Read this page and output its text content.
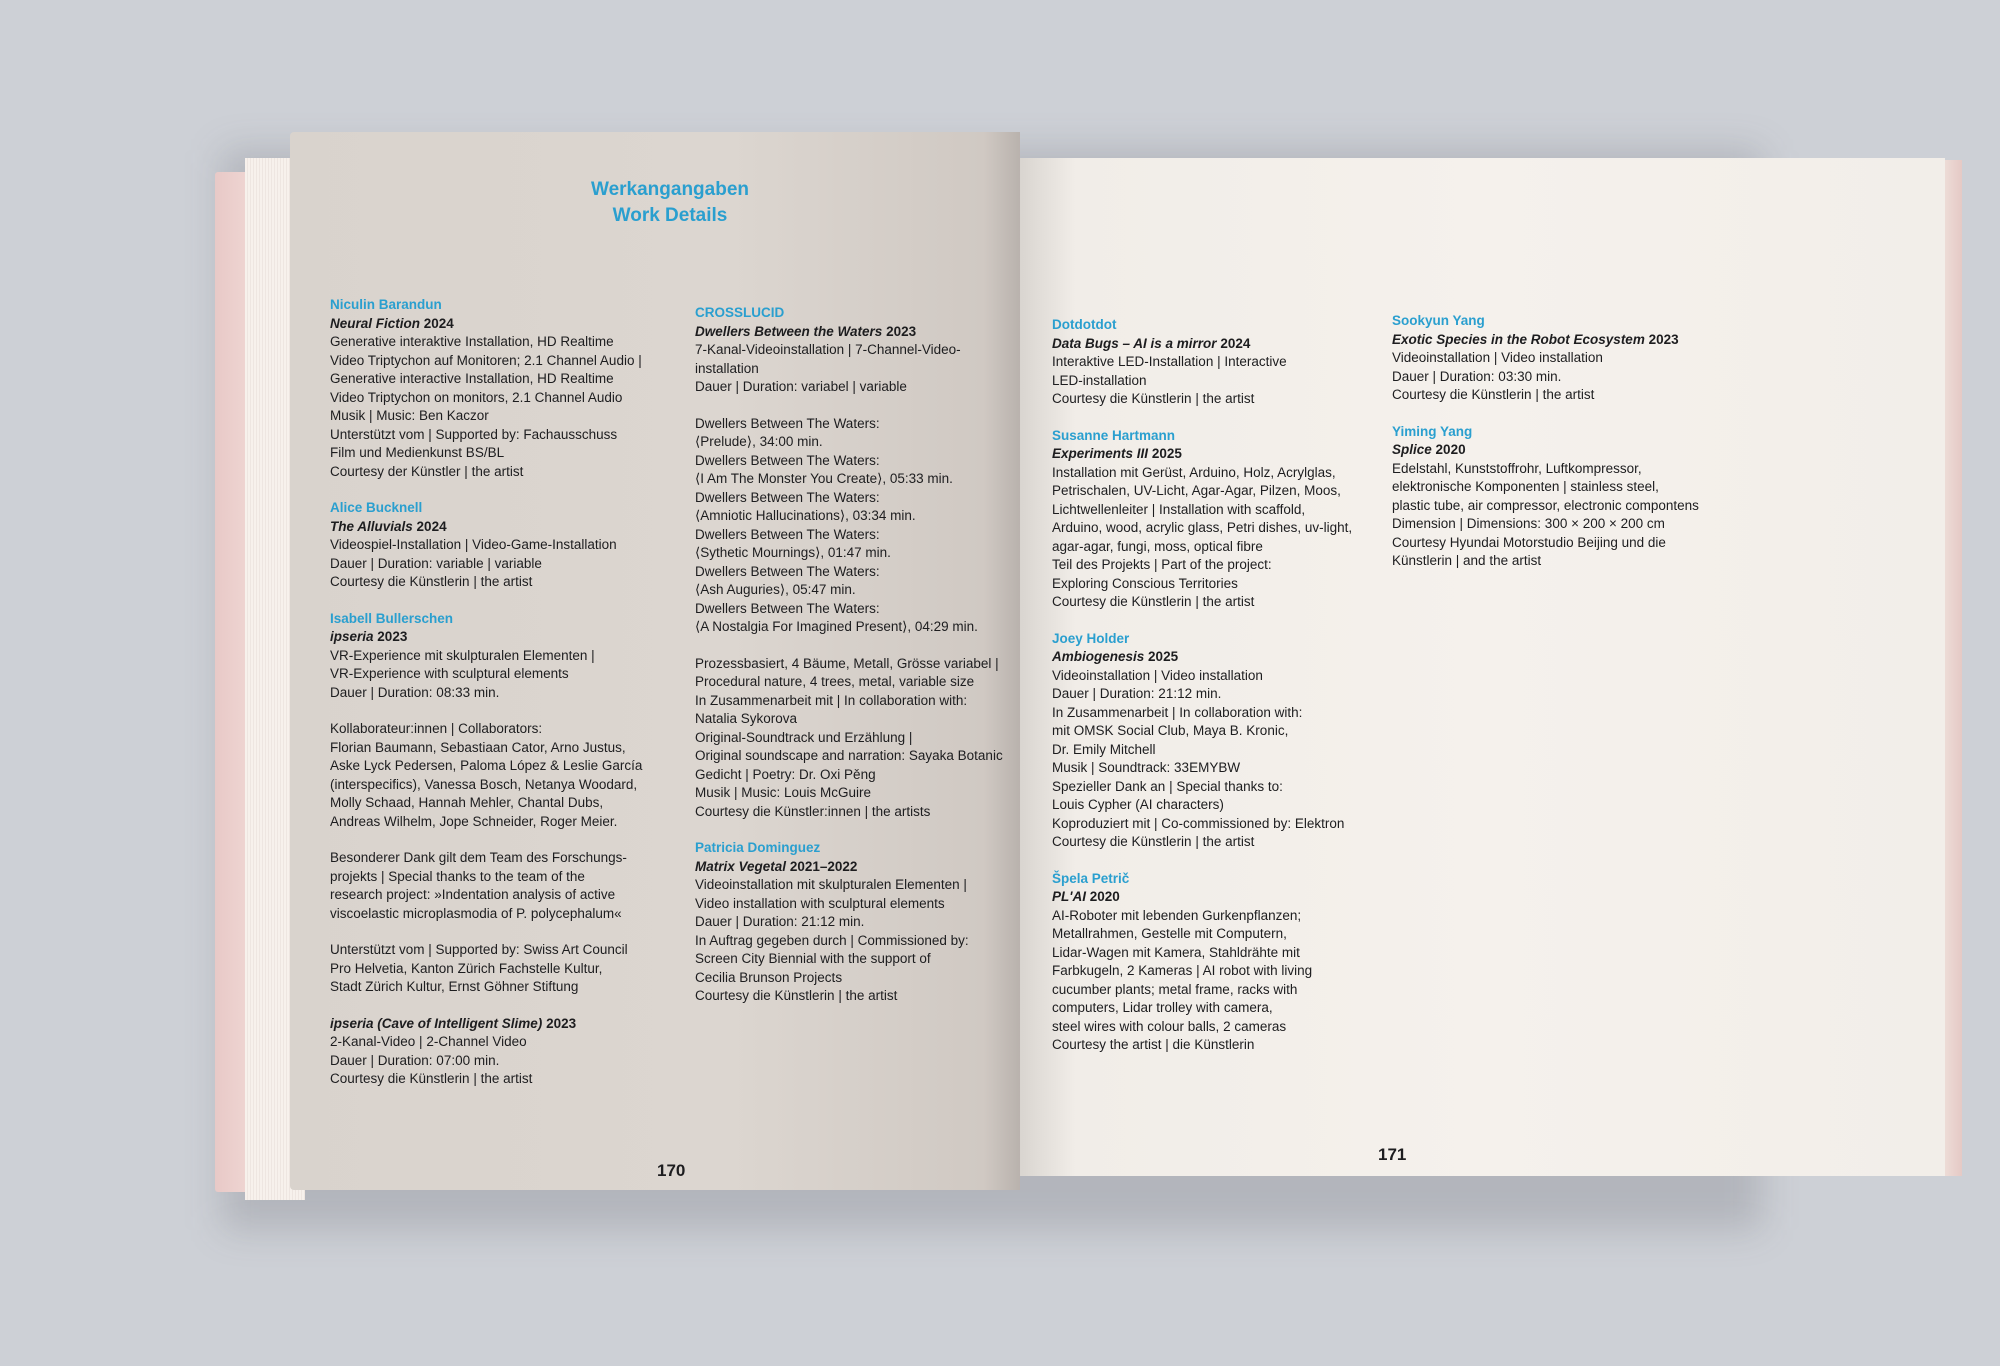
Werkangangaben
Work Details
Niculin Barandun
Neural Fiction 2024
Generative interaktive Installation, HD Realtime
Video Triptychon auf Monitoren; 2.1 Channel Audio |
Generative interactive Installation, HD Realtime
Video Triptychon on monitors, 2.1 Channel Audio
Musik | Music: Ben Kaczor
Unterstützt vom | Supported by: Fachausschuss
Film und Medienkunst BS/BL
Courtesy der Künstler | the artist
Alice Bucknell
The Alluvials 2024
Videospiel-Installation | Video-Game-Installation
Dauer | Duration: variable | variable
Courtesy die Künstlerin | the artist
Isabell Bullerschen
ipseria 2023
VR-Experience mit skulpturalen Elementen |
VR-Experience with sculptural elements
Dauer | Duration: 08:33 min.
Kollaborateur:innen | Collaborators:
Florian Baumann, Sebastiaan Cator, Arno Justus,
Aske Lyck Pedersen, Paloma López & Leslie García
(interspecifics), Vanessa Bosch, Netanya Woodard,
Molly Schaad, Hannah Mehler, Chantal Dubs,
Andreas Wilhelm, Jope Schneider, Roger Meier.
Besonderer Dank gilt dem Team des Forschungs-
projekts | Special thanks to the team of the
research project: »Indentation analysis of active
viscoelastic microplasmodia of P. polycephalum«
Unterstützt vom | Supported by: Swiss Art Council
Pro Helvetia, Kanton Zürich Fachstelle Kultur,
Stadt Zürich Kultur, Ernst Göhner Stiftung
ipseria (Cave of Intelligent Slime) 2023
2-Kanal-Video | 2-Channel Video
Dauer | Duration: 07:00 min.
Courtesy die Künstlerin | the artist
CROSSLUCID
Dwellers Between the Waters 2023
7-Kanal-Videoinstallation | 7-Channel-Video-
installation
Dauer | Duration: variabel | variable
Dwellers Between The Waters:
⟨Prelude⟩, 34:00 min.
Dwellers Between The Waters:
⟨I Am The Monster You Create⟩, 05:33 min.
Dwellers Between The Waters:
⟨Amniotic Hallucinations⟩, 03:34 min.
Dwellers Between The Waters:
⟨Sythetic Mournings⟩, 01:47 min.
Dwellers Between The Waters:
⟨Ash Auguries⟩, 05:47 min.
Dwellers Between The Waters:
⟨A Nostalgia For Imagined Present⟩, 04:29 min.
Prozessbasiert, 4 Bäume, Metall, Grösse variabel |
Procedural nature, 4 trees, metal, variable size
In Zusammenarbeit mit | In collaboration with:
Natalia Sykorova
Original-Soundtrack und Erzählung |
Original soundscape and narration: Sayaka Botanic
Gedicht | Poetry: Dr. Oxi Pěng
Musik | Music: Louis McGuire
Courtesy die Künstler:innen | the artists
Patricia Dominguez
Matrix Vegetal 2021–2022
Videoinstallation mit skulpturalen Elementen |
Video installation with sculptural elements
Dauer | Duration: 21:12 min.
In Auftrag gegeben durch | Commissioned by:
Screen City Biennial with the support of
Cecilia Brunson Projects
Courtesy die Künstlerin | the artist
170
Dotdotdot
Data Bugs – AI is a mirror 2024
Interaktive LED-Installation | Interactive
LED-installation
Courtesy die Künstlerin | the artist
Susanne Hartmann
Experiments III 2025
Installation mit Gerüst, Arduino, Holz, Acrylglas,
Petrischalen, UV-Licht, Agar-Agar, Pilzen, Moos,
Lichtwellenleiter | Installation with scaffold,
Arduino, wood, acrylic glass, Petri dishes, uv-light,
agar-agar, fungi, moss, optical fibre
Teil des Projekts | Part of the project:
Exploring Conscious Territories
Courtesy die Künstlerin | the artist
Joey Holder
Ambiogenesis 2025
Videoinstallation | Video installation
Dauer | Duration: 21:12 min.
In Zusammenarbeit | In collaboration with:
mit OMSK Social Club, Maya B. Kronic,
Dr. Emily Mitchell
Musik | Soundtrack: 33EMYBW
Spezieller Dank an | Special thanks to:
Louis Cypher (AI characters)
Koproduziert mit | Co-commissioned by: Elektron
Courtesy die Künstlerin | the artist
Špela Petrič
PL'AI 2020
AI-Roboter mit lebenden Gurkenpflanzen;
Metallrahmen, Gestelle mit Computern,
Lidar-Wagen mit Kamera, Stahldrähte mit
Farbkugeln, 2 Kameras | AI robot with living
cucumber plants; metal frame, racks with
computers, Lidar trolley with camera,
steel wires with colour balls, 2 cameras
Courtesy the artist | die Künstlerin
Sookyun Yang
Exotic Species in the Robot Ecosystem 2023
Videoinstallation | Video installation
Dauer | Duration: 03:30 min.
Courtesy die Künstlerin | the artist
Yiming Yang
Splice 2020
Edelstahl, Kunststoffrohr, Luftkompressor,
elektronische Komponenten | stainless steel,
plastic tube, air compressor, electronic compontens
Dimension | Dimensions: 300 × 200 × 200 cm
Courtesy Hyundai Motorstudio Beijing und die
Künstlerin | and the artist
171
